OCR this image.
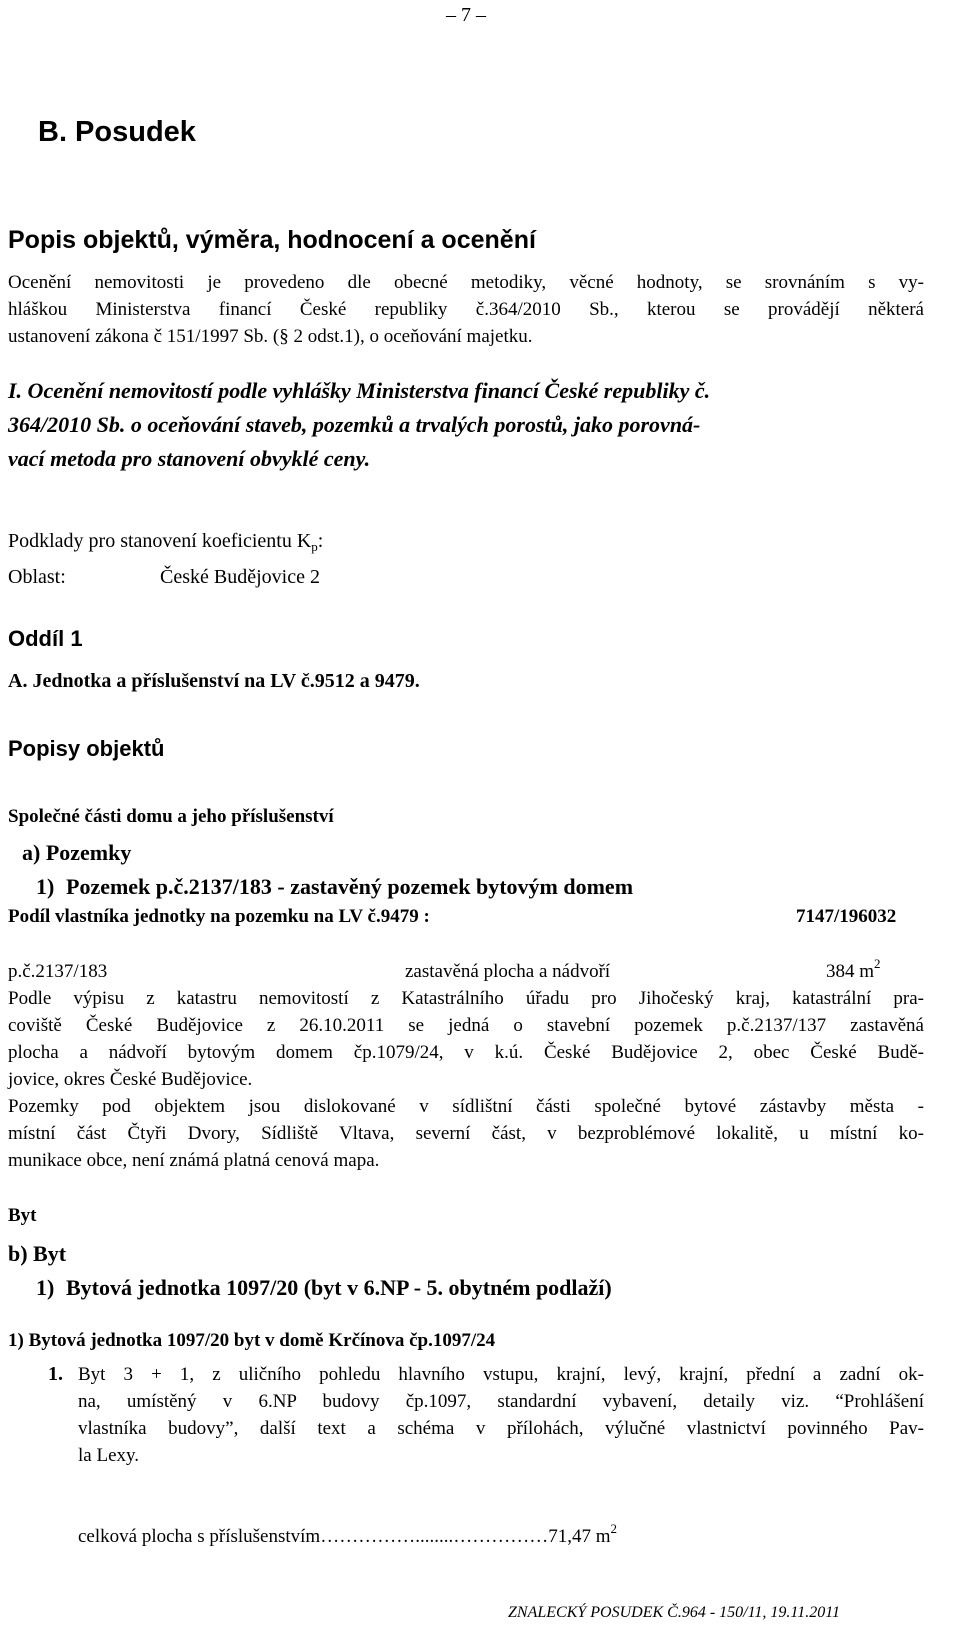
– 7 –
B. Posudek
Popis objektů, výměra, hodnocení a ocenění
Ocenění nemovitosti je provedeno dle obecné metodiky, věcné hodnoty, se srovnáním s vy-
hláškou Ministerstva financí České republiky č.364/2010 Sb., kterou se provádějí některá
ustanovení zákona č 151/1997 Sb. (§ 2 odst.1), o oceňování majetku.
I. Ocenění nemovitostí podle vyhlášky Ministerstva financí České republiky č.
364/2010 Sb. o oceňování staveb, pozemků a trvalých porostů, jako porovná-
vací metoda pro stanovení obvyklé ceny.
Podklady pro stanovení koeficientu $K_p$:
Oblast:	České Budějovice 2
Oddíl 1
A. Jednotka a příslušenství na LV č.9512 a 9479.
Popisy objektů
Společné části domu a jeho příslušenství
a) Pozemky
1) Pozemek p.č.2137/183 - zastavěný pozemek bytovým domem
Podíl vlastníka jednotky na pozemku na LV č.9479 :	7147/196032
p.č.2137/183	zastavěná plocha a nádvoří	384 $m^2$
Podle výpisu z katastru nemovitostí z Katastrálního úřadu pro Jihočeský kraj, katastrální pra-
coviště České Budějovice z 26.10.2011 se jedná o stavební pozemek p.č.2137/137 zastavěná
plocha a nádvoří bytovým domem čp.1079/24, v k.ú. České Budějovice 2, obec České Budě-
jovice, okres České Budějovice.
Pozemky pod objektem jsou dislokované v sídlištní části společné bytové zástavby města -
místní část Čtyři Dvory, Sídliště Vltava, severní část, v bezproblémové lokalitě, u místní ko-
munikace obce, není známá platná cenová mapa.
Byt
b) Byt
1) Bytová jednotka 1097/20 (byt v 6.NP - 5. obytném podlaží)
1) Bytová jednotka 1097/20 byt v domě Krčínova čp.1097/24
1. Byt 3 + 1, z uličního pohledu hlavního vstupu, krajní, levý, krajní, přední a zadní ok-
na, umístěný v 6.NP budovy čp.1097, standardní vybavení, detaily viz. “Prohlášení
vlastníka budovy”, další text a schéma v přílohách, výlučné vlastnictví povinného Pav-
la Lexy.
celková plocha s příslušenstvím……………........……………71,47 $m^2$
ZNALECKÝ POSUDEK Č.964 - 150/11, 19.11.2011
